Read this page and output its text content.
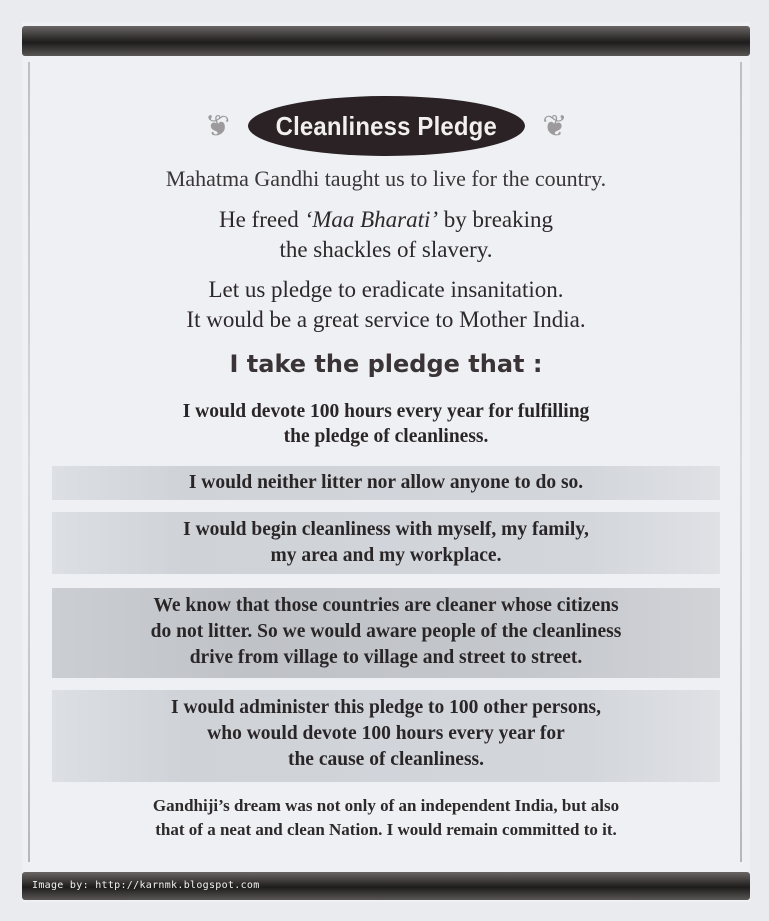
❦	Cleanliness Pledge	❦
Mahatma Gandhi taught us to live for the country.
He freed ‘Maa Bharati’ by breaking
the shackles of slavery.
Let us pledge to eradicate insanitation.
It would be a great service to Mother India.
I take the pledge that :
I would devote 100 hours every year for fulfilling
the pledge of cleanliness.
I would neither litter nor allow anyone to do so.
I would begin cleanliness with myself, my family,
my area and my workplace.
We know that those countries are cleaner whose citizens
do not litter. So we would aware people of the cleanliness
drive from village to village and street to street.
I would administer this pledge to 100 other persons,
who would devote 100 hours every year for
the cause of cleanliness.
Gandhiji’s dream was not only of an independent India, but also
that of a neat and clean Nation. I would remain committed to it.
Image by: http://karnmk.blogspot.com
